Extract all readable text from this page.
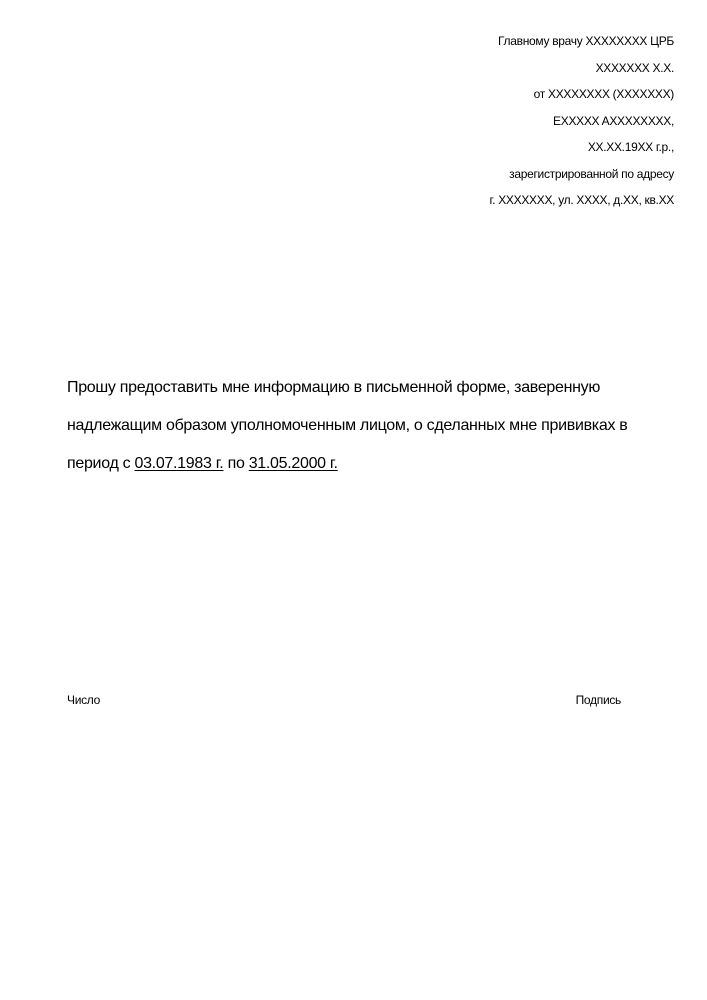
Главному врачу XXXXXXXX ЦРБ
XXXXXXX Х.Х.
от XXXXXXXX (XXXXXXX)
EXXXXX AXXXXXXXX,
XX.XX.19XX г.р.,
зарегистрированной по адресу
г. XXXXXXX, ул. XXXX, д.XX, кв.XX
Прошу предоставить мне информацию в письменной форме, заверенную
надлежащим образом уполномоченным лицом, о сделанных мне прививках в
период с 03.07.1983 г. по 31.05.2000 г.
Число	Подпись
